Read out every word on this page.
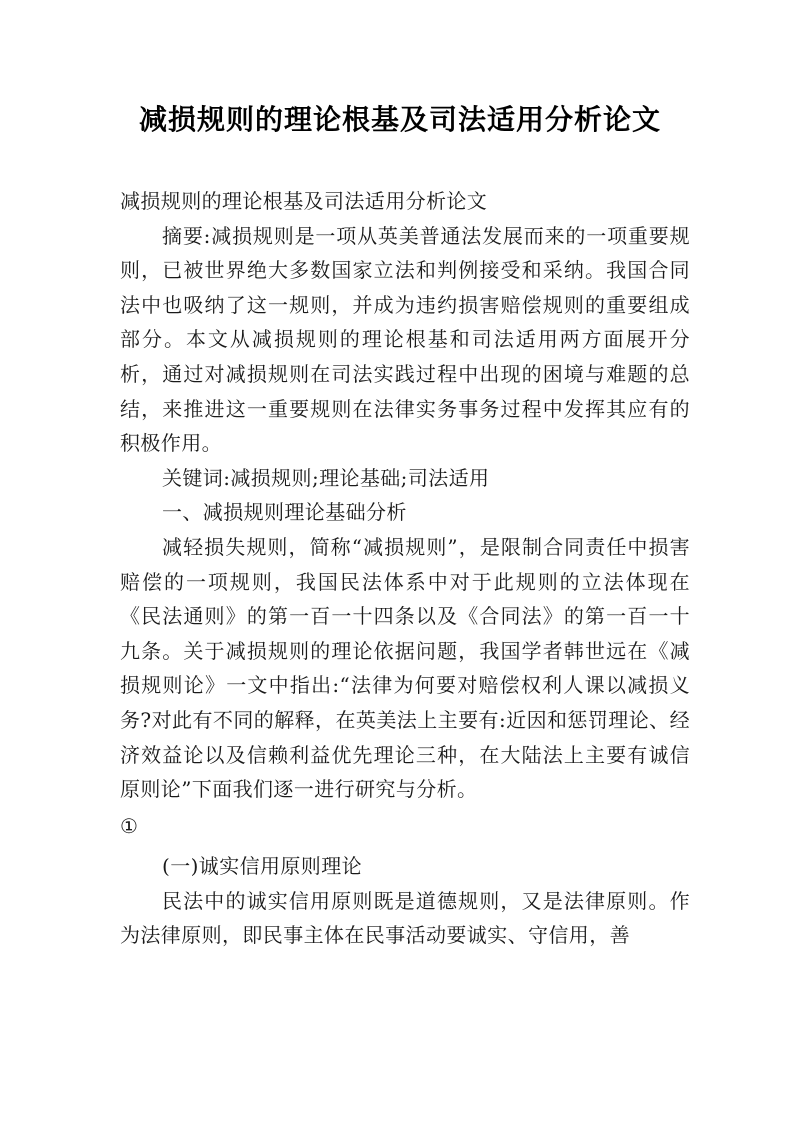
减损规则的理论根基及司法适用分析论文

减损规则的理论根基及司法适用分析论文

摘要:减损规则是一项从英美普通法发展而来的一项重要规则，已被世界绝大多数国家立法和判例接受和采纳。我国合同法中也吸纳了这一规则，并成为违约损害赔偿规则的重要组成部分。本文从减损规则的理论根基和司法适用两方面展开分析，通过对减损规则在司法实践过程中出现的困境与难题的总结，来推进这一重要规则在法律实务事务过程中发挥其应有的积极作用。

关键词:减损规则;理论基础;司法适用

一、减损规则理论基础分析

减轻损失规则，简称“减损规则”，是限制合同责任中损害赔偿的一项规则，我国民法体系中对于此规则的立法体现在《民法通则》的第一百一十四条以及《合同法》的第一百一十九条。关于减损规则的理论依据问题，我国学者韩世远在《减损规则论》一文中指出:“法律为何要对赔偿权利人课以减损义务?对此有不同的解释，在英美法上主要有:近因和惩罚理论、经济效益论以及信赖利益优先理论三种，在大陆法上主要有诚信原则论”下面我们逐一进行研究与分析。

①

(一)诚实信用原则理论

民法中的诚实信用原则既是道德规则，又是法律原则。作为法律原则，即民事主体在民事活动要诚实、守信用，善
